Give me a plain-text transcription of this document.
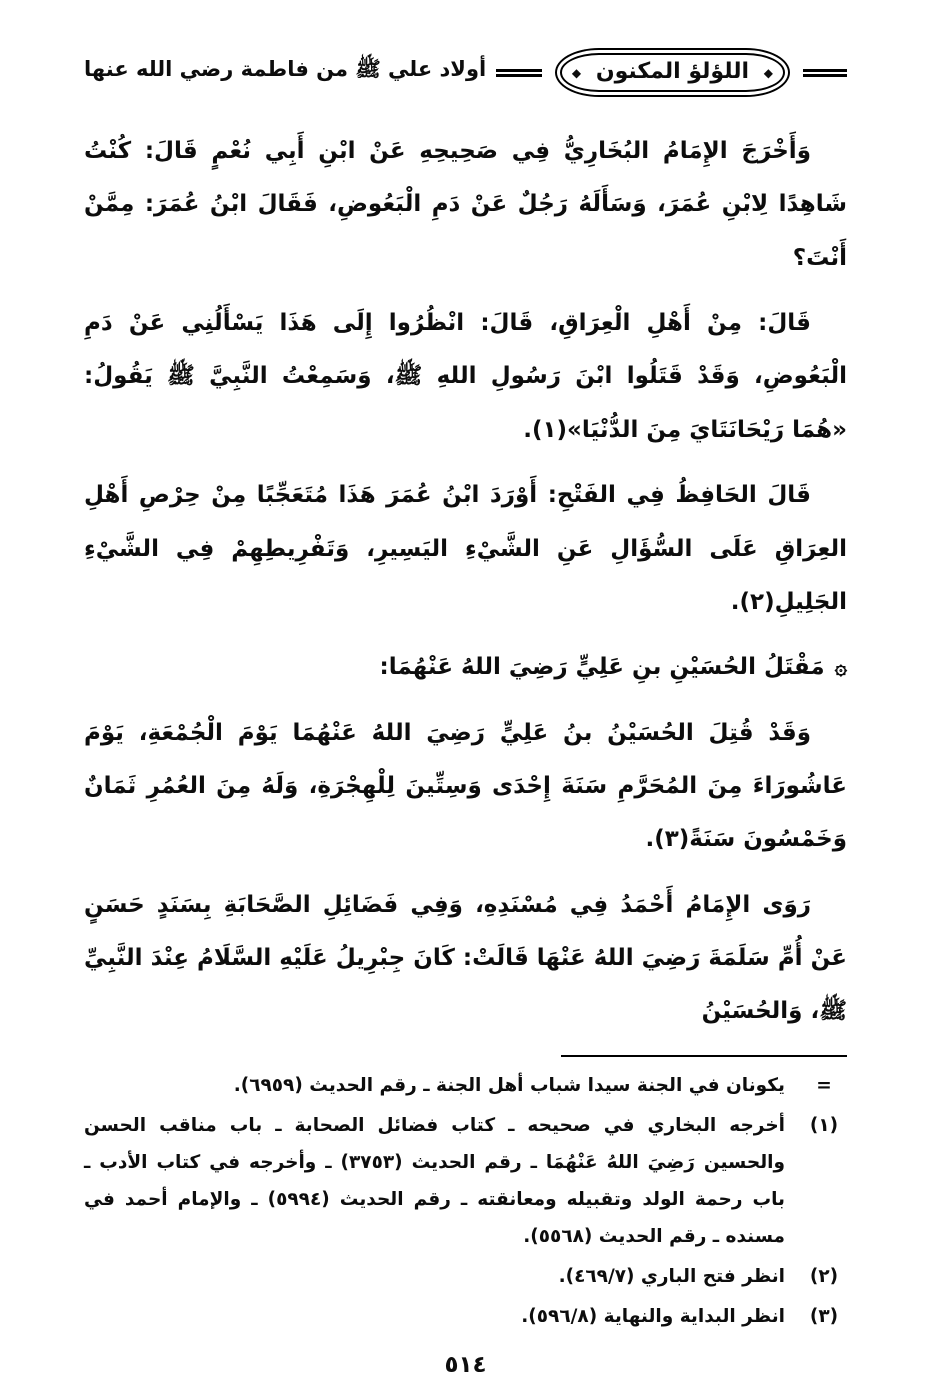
◆ اللؤلؤ المكنون ◆
أولاد علي ﷺ من فاطمة رضي الله عنها

وَأَخْرَجَ الإِمَامُ البُخَارِيُّ فِي صَحِيحِهِ عَنْ ابْنِ أَبِي نُعْمٍ قَالَ: كُنْتُ شَاهِدًا لِابْنِ عُمَرَ، وَسَأَلَهُ رَجُلٌ عَنْ دَمِ الْبَعُوضِ، فَقَالَ ابْنُ عُمَرَ: مِمَّنْ أَنْتَ؟

قَالَ: مِنْ أَهْلِ الْعِرَاقِ، قَالَ: انْظُرُوا إِلَى هَذَا يَسْأَلُنِي عَنْ دَمِ الْبَعُوضِ، وَقَدْ قَتَلُوا ابْنَ رَسُولِ اللهِ ﷺ، وَسَمِعْتُ النَّبِيَّ ﷺ يَقُولُ: «هُمَا رَيْحَانَتَايَ مِنَ الدُّنْيَا»(١).

قَالَ الحَافِظُ فِي الفَتْحِ: أَوْرَدَ ابْنُ عُمَرَ هَذَا مُتَعَجِّبًا مِنْ حِرْصِ أَهْلِ العِرَاقِ عَلَى السُّؤَالِ عَنِ الشَّيْءِ اليَسِيرِ، وَتَفْرِيطِهِمْ فِي الشَّيْءِ الجَلِيلِ(٢).

۞
مَقْتَلُ الحُسَيْنِ بنِ عَلِيٍّ رَضِيَ اللهُ عَنْهُمَا:

وَقَدْ قُتِلَ الحُسَيْنُ بنُ عَلِيٍّ رَضِيَ اللهُ عَنْهُمَا يَوْمَ الْجُمْعَةِ، يَوْمَ عَاشُورَاءَ مِنَ المُحَرَّمِ سَنَةَ إِحْدَى وَسِتِّينَ لِلْهِجْرَةِ، وَلَهُ مِنَ العُمُرِ ثَمَانٌ وَخَمْسُونَ سَنَةً(٣).

رَوَى الإِمَامُ أَحْمَدُ فِي مُسْنَدِهِ، وَفِي فَضَائِلِ الصَّحَابَةِ بِسَنَدٍ حَسَنٍ عَنْ أُمِّ سَلَمَةَ رَضِيَ اللهُ عَنْهَا قَالَتْ: كَانَ جِبْرِيلُ عَلَيْهِ السَّلَامُ عِنْدَ النَّبِيِّ ﷺ، وَالحُسَيْنُ

=
يكونان في الجنة سيدا شباب أهل الجنة ـ رقم الحديث (٦٩٥٩).
(١)
أخرجه البخاري في صحيحه ـ كتاب فضائل الصحابة ـ باب مناقب الحسن والحسين رَضِيَ اللهُ عَنْهُمَا ـ رقم الحديث (٣٧٥٣) ـ وأخرجه في كتاب الأدب ـ باب رحمة الولد وتقبيله ومعانقته ـ رقم الحديث (٥٩٩٤) ـ والإمام أحمد في مسنده ـ رقم الحديث (٥٥٦٨).
(٢)
انظر فتح الباري (٤٦٩/٧).
(٣)
انظر البداية والنهاية (٥٩٦/٨).
٥١٤
